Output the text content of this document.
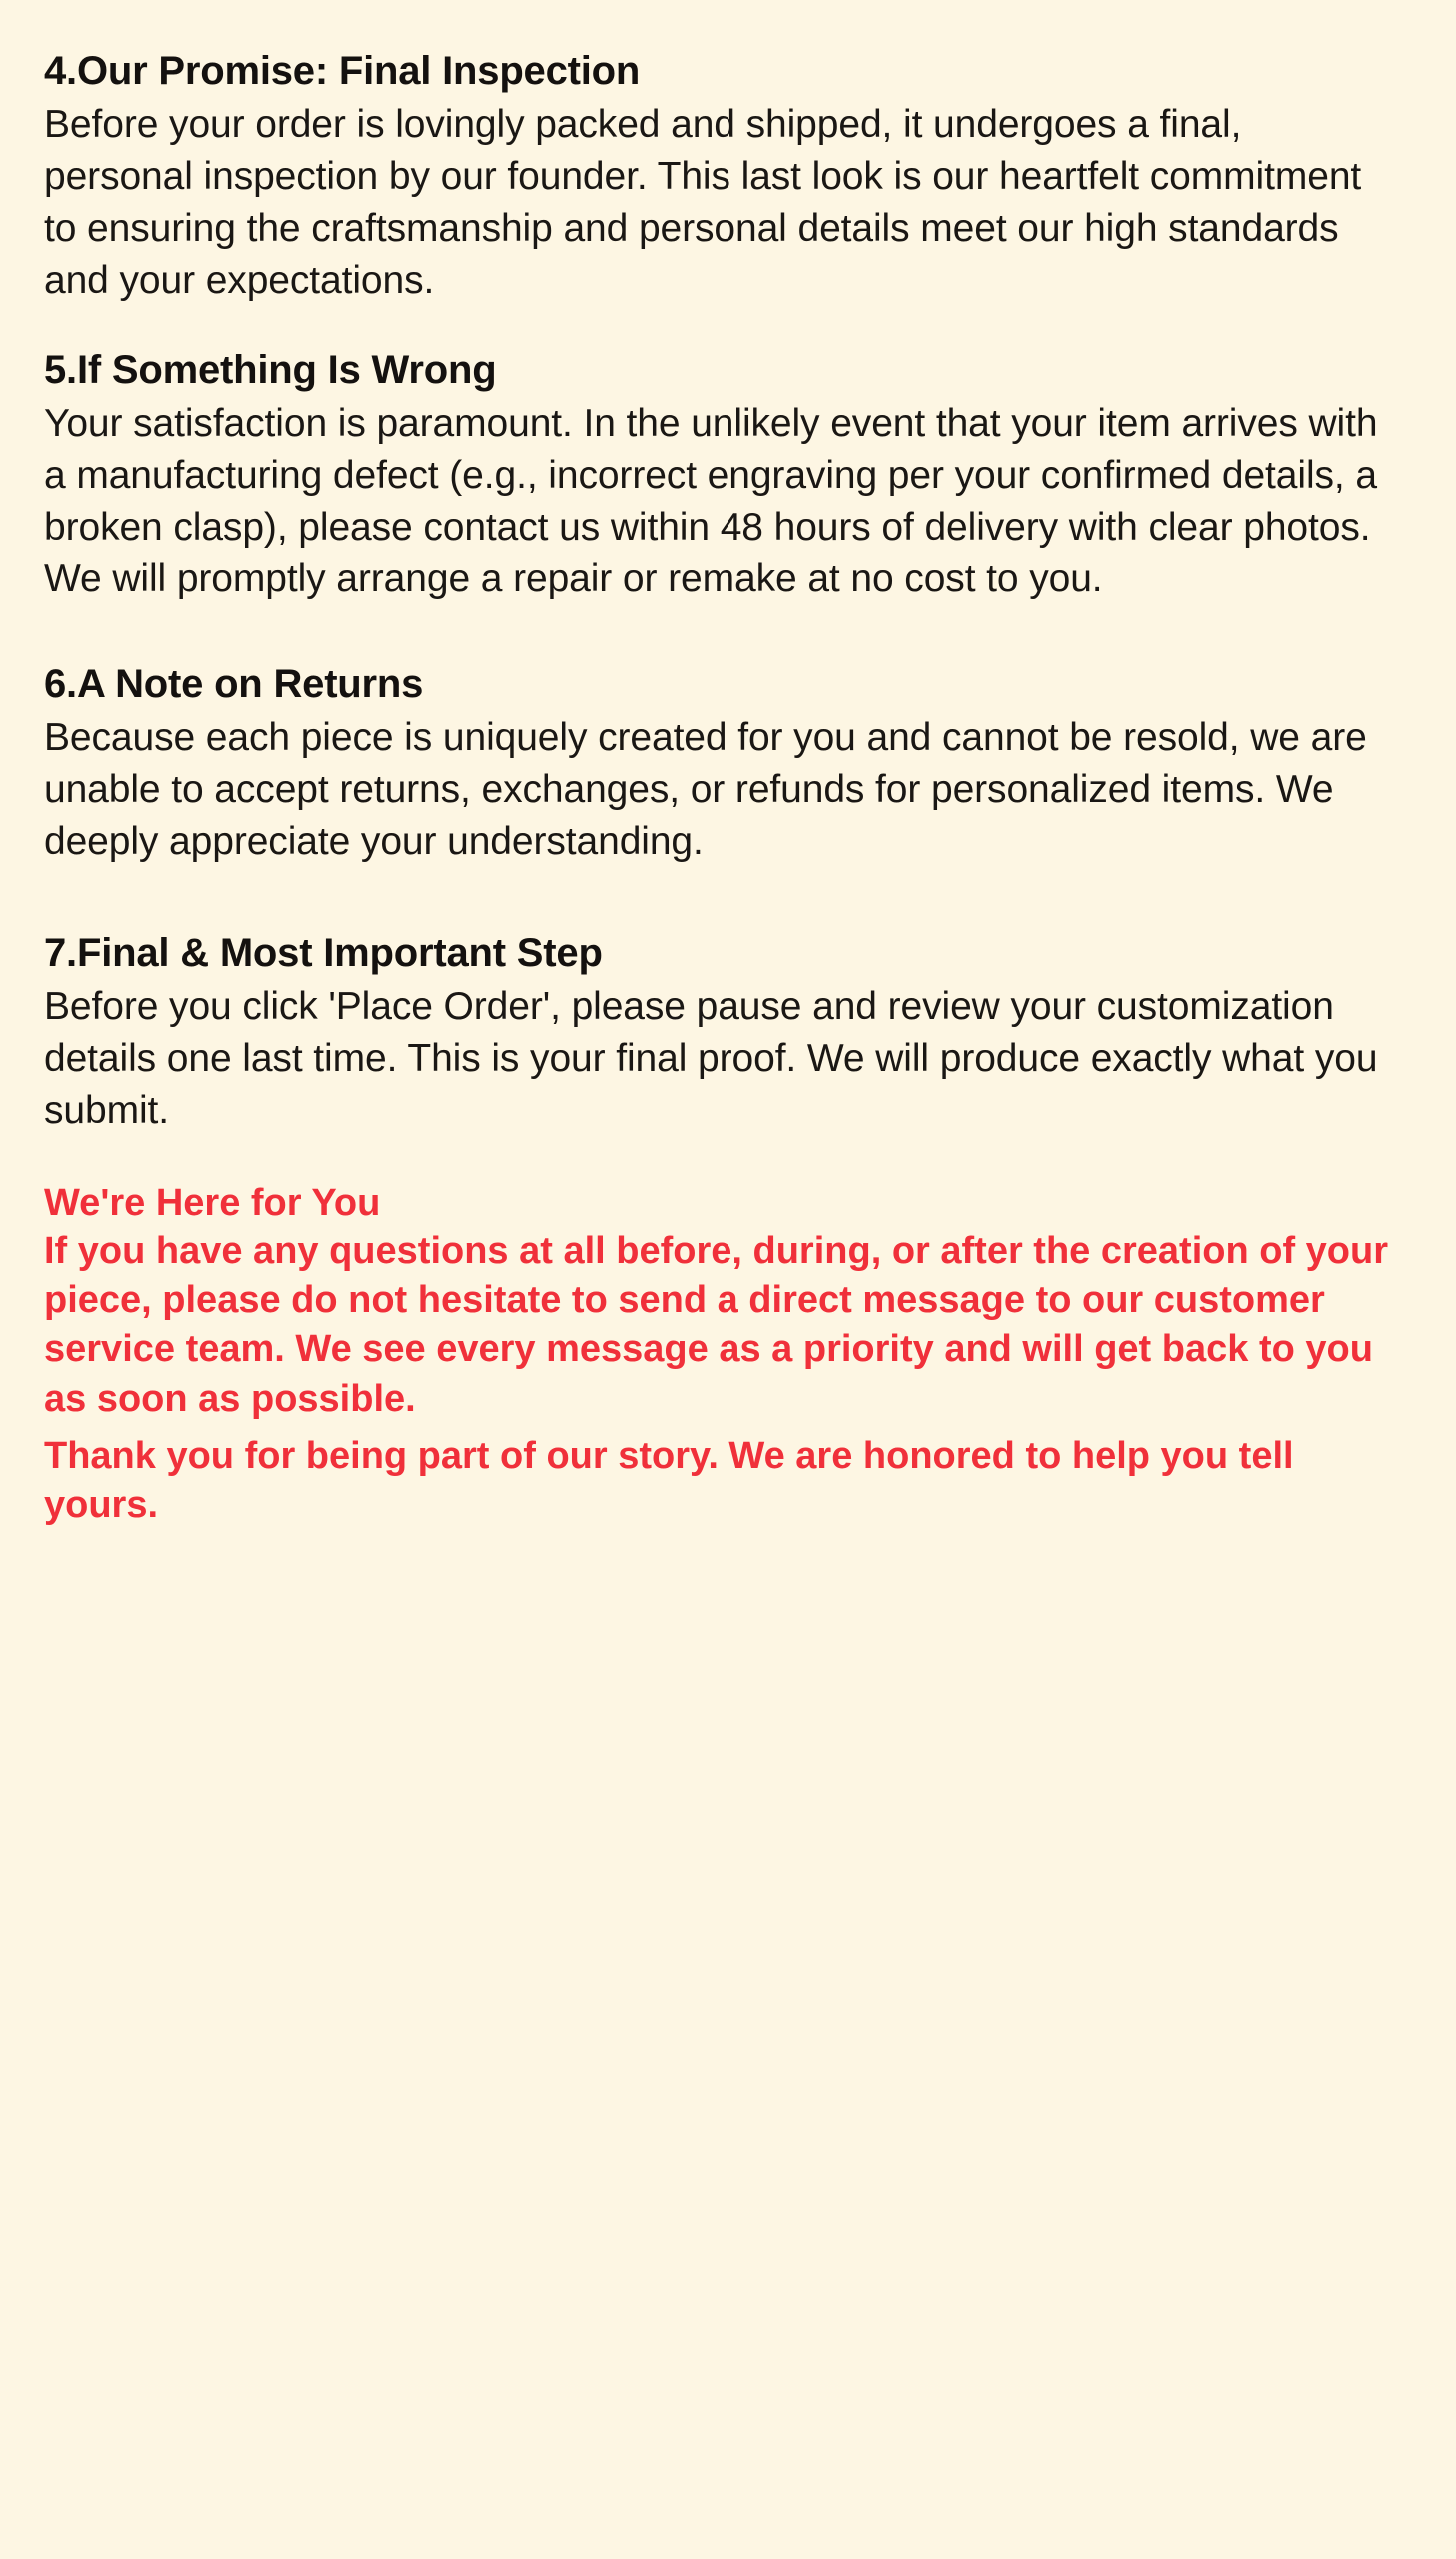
4.Our Promise: Final Inspection

Before your order is lovingly packed and shipped, it undergoes a final, personal inspection by our founder. This last look is our heartfelt commitment to ensuring the craftsmanship and personal details meet our high standards and your expectations.

5.If Something Is Wrong

Your satisfaction is paramount. In the unlikely event that your item arrives with a manufacturing defect (e.g., incorrect engraving per your confirmed details, a broken clasp), please contact us within 48 hours of delivery with clear photos. We will promptly arrange a repair or remake at no cost to you.

6.A Note on Returns

Because each piece is uniquely created for you and cannot be resold, we are unable to accept returns, exchanges, or refunds for personalized items. We deeply appreciate your understanding.

7.Final & Most Important Step

Before you click 'Place Order', please pause and review your customization details one last time. This is your final proof. We will produce exactly what you submit.

We're Here for You

If you have any questions at all before, during, or after the creation of your piece, please do not hesitate to send a direct message to our customer service team. We see every message as a priority and will get back to you as soon as possible.

Thank you for being part of our story. We are honored to help you tell yours.
